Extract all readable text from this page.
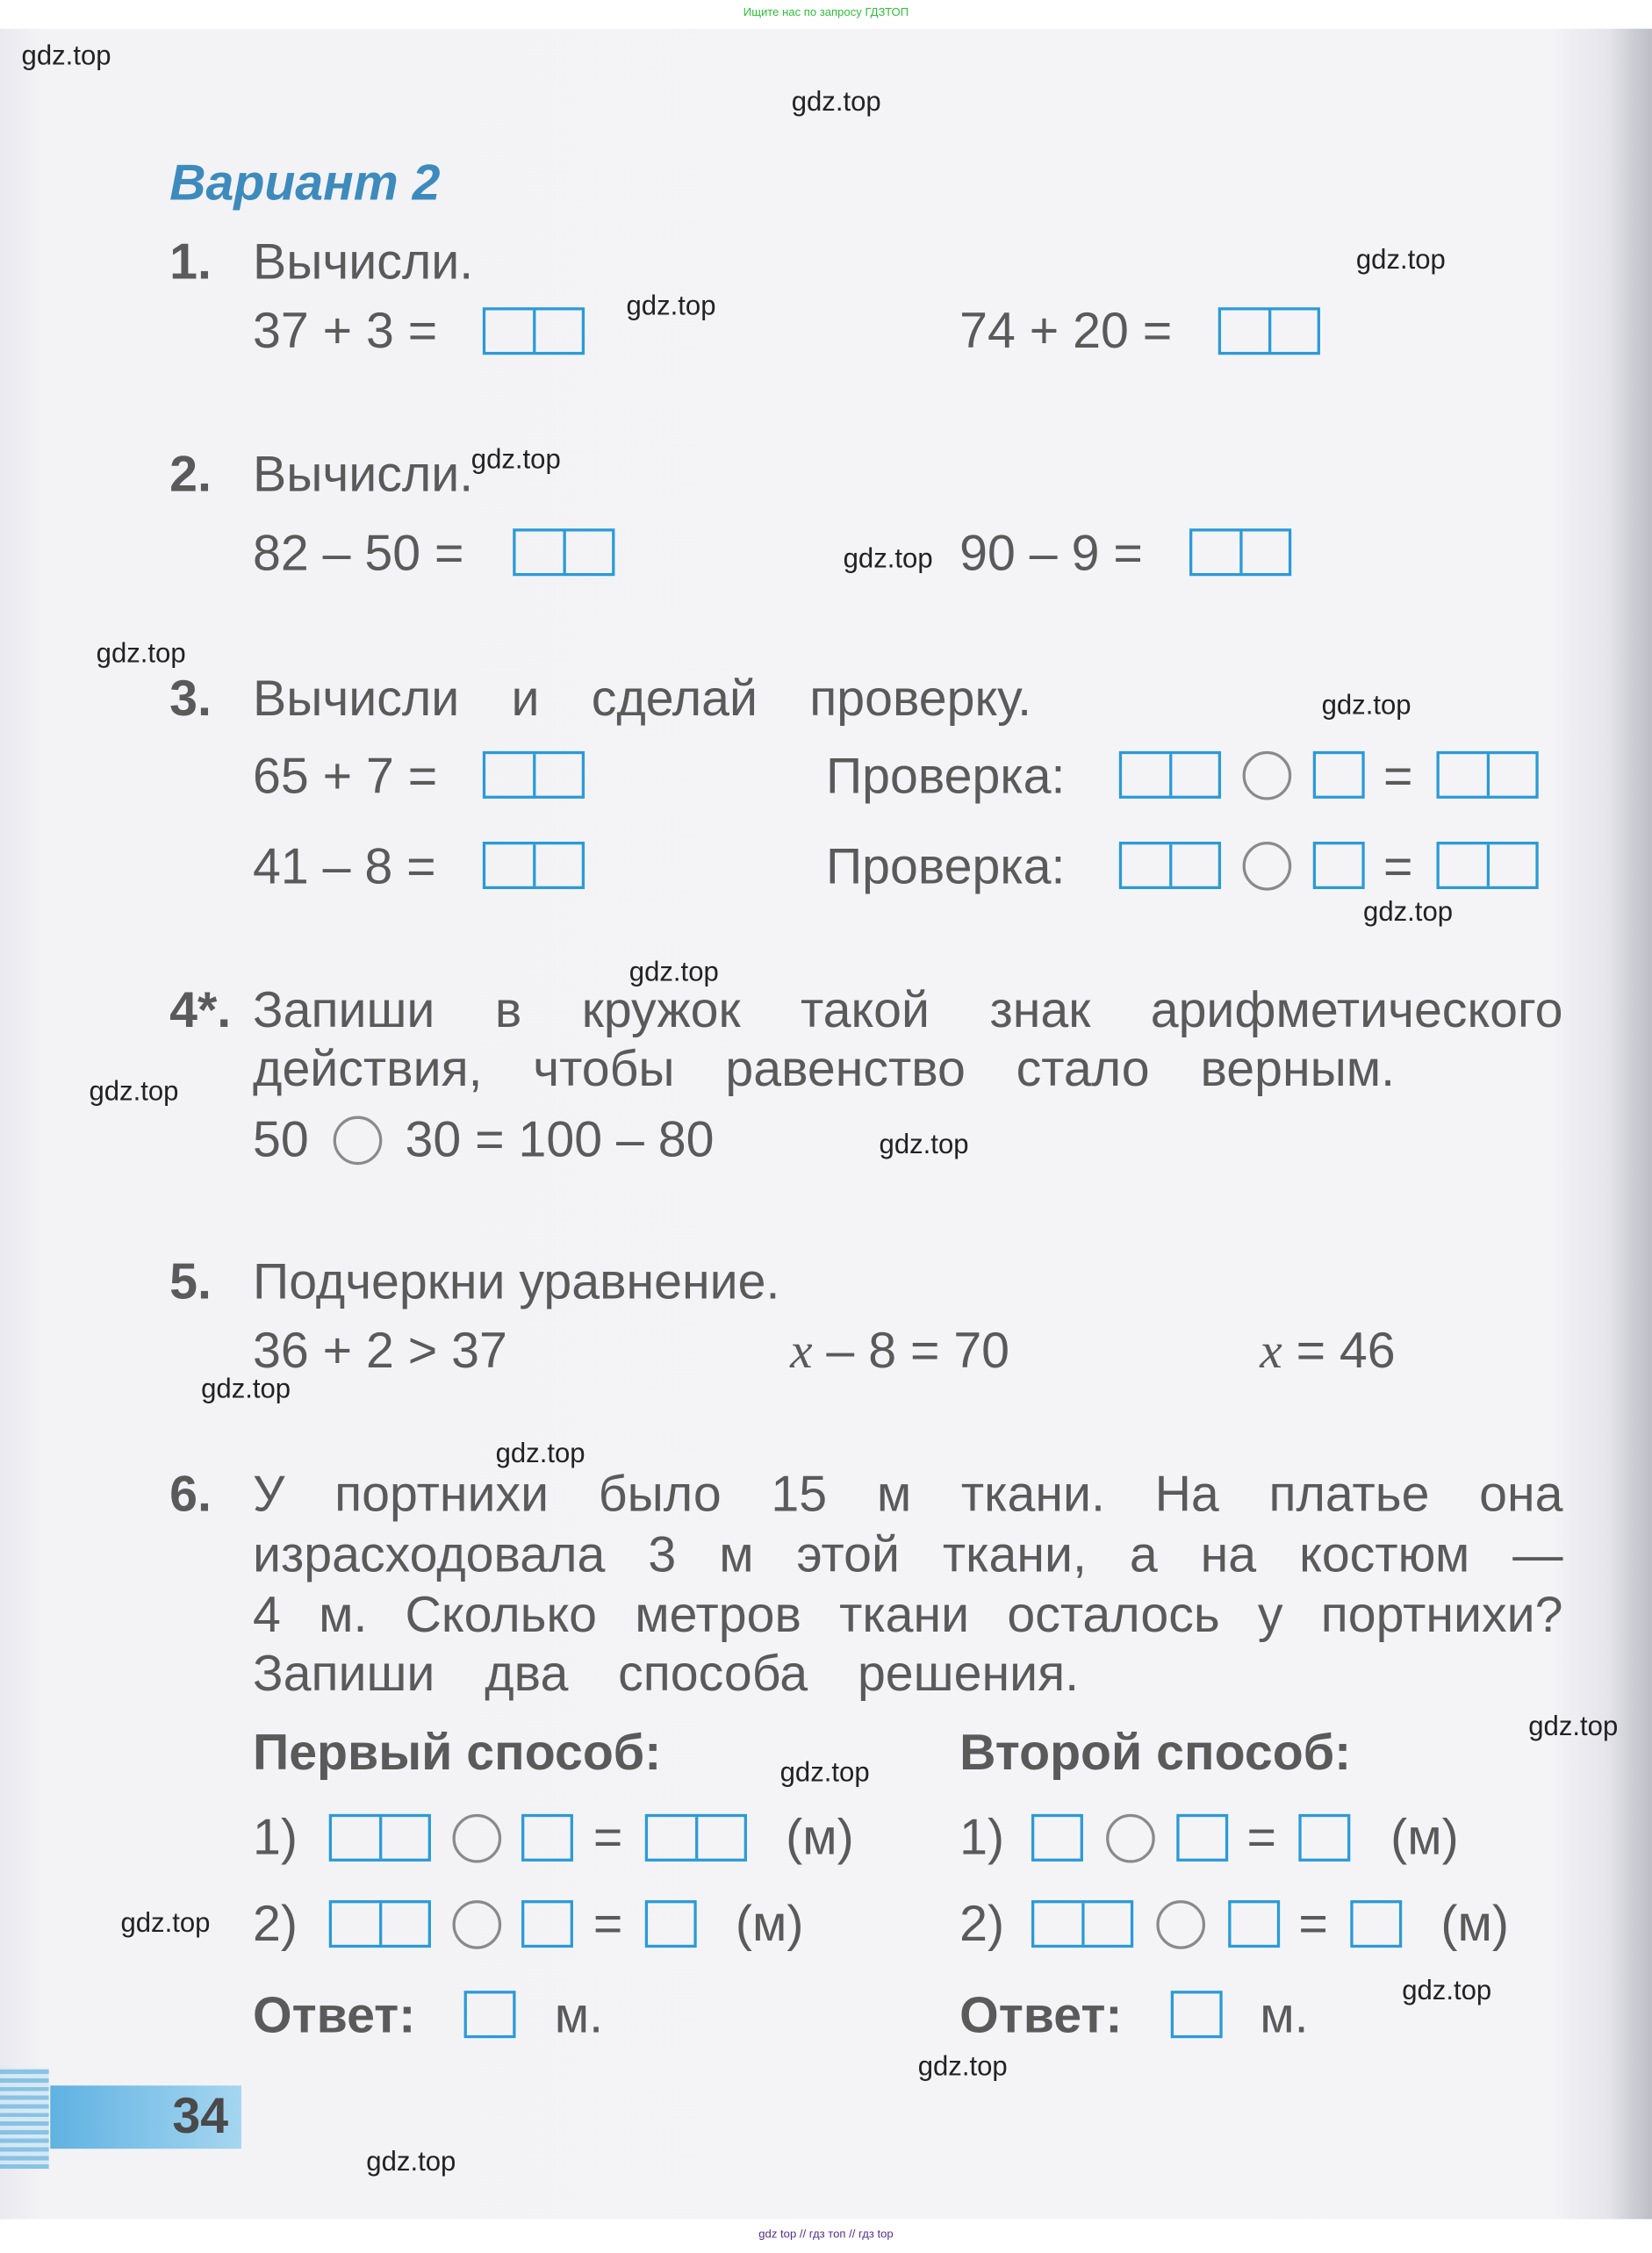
Ищите нас по запросу ГДЗТОП
Вариант 2
1. Вычисли.
37 + 3 =	74 + 20 =
2. Вычисли.
82 – 50 =	90 – 9 =
3. Вычисли и сделай проверку.
65 + 7 =	Проверка:	=
41 – 8 =	Проверка:	=
4*. Запиши в кружок такой знак арифметического
действия, чтобы равенство стало верным.
50	30 = 100 – 80
5. Подчеркни уравнение.
36 + 2 > 37	x – 8 = 70	x = 46
6. У портнихи было 15 м ткани. На платье она
израсходовала 3 м этой ткани, а на костюм —
4 м. Сколько метров ткани осталось у портнихи?
Запиши два способа решения.
Первый способ:	Второй способ:
1)	=	(м)	1)	=	(м)
2)	=	(м)	2)	=	(м)
Ответ:	м.	Ответ:	м.
34
gdz.top
gdz.top
gdz.top
gdz.top
gdz.top
gdz.top
gdz.top
gdz.top
gdz.top
gdz.top
gdz.top
gdz.top
gdz.top
gdz.top
gdz.top
gdz.top
gdz.top
gdz.top
gdz.top
gdz.top
gdz top // гдз топ // гдз top
